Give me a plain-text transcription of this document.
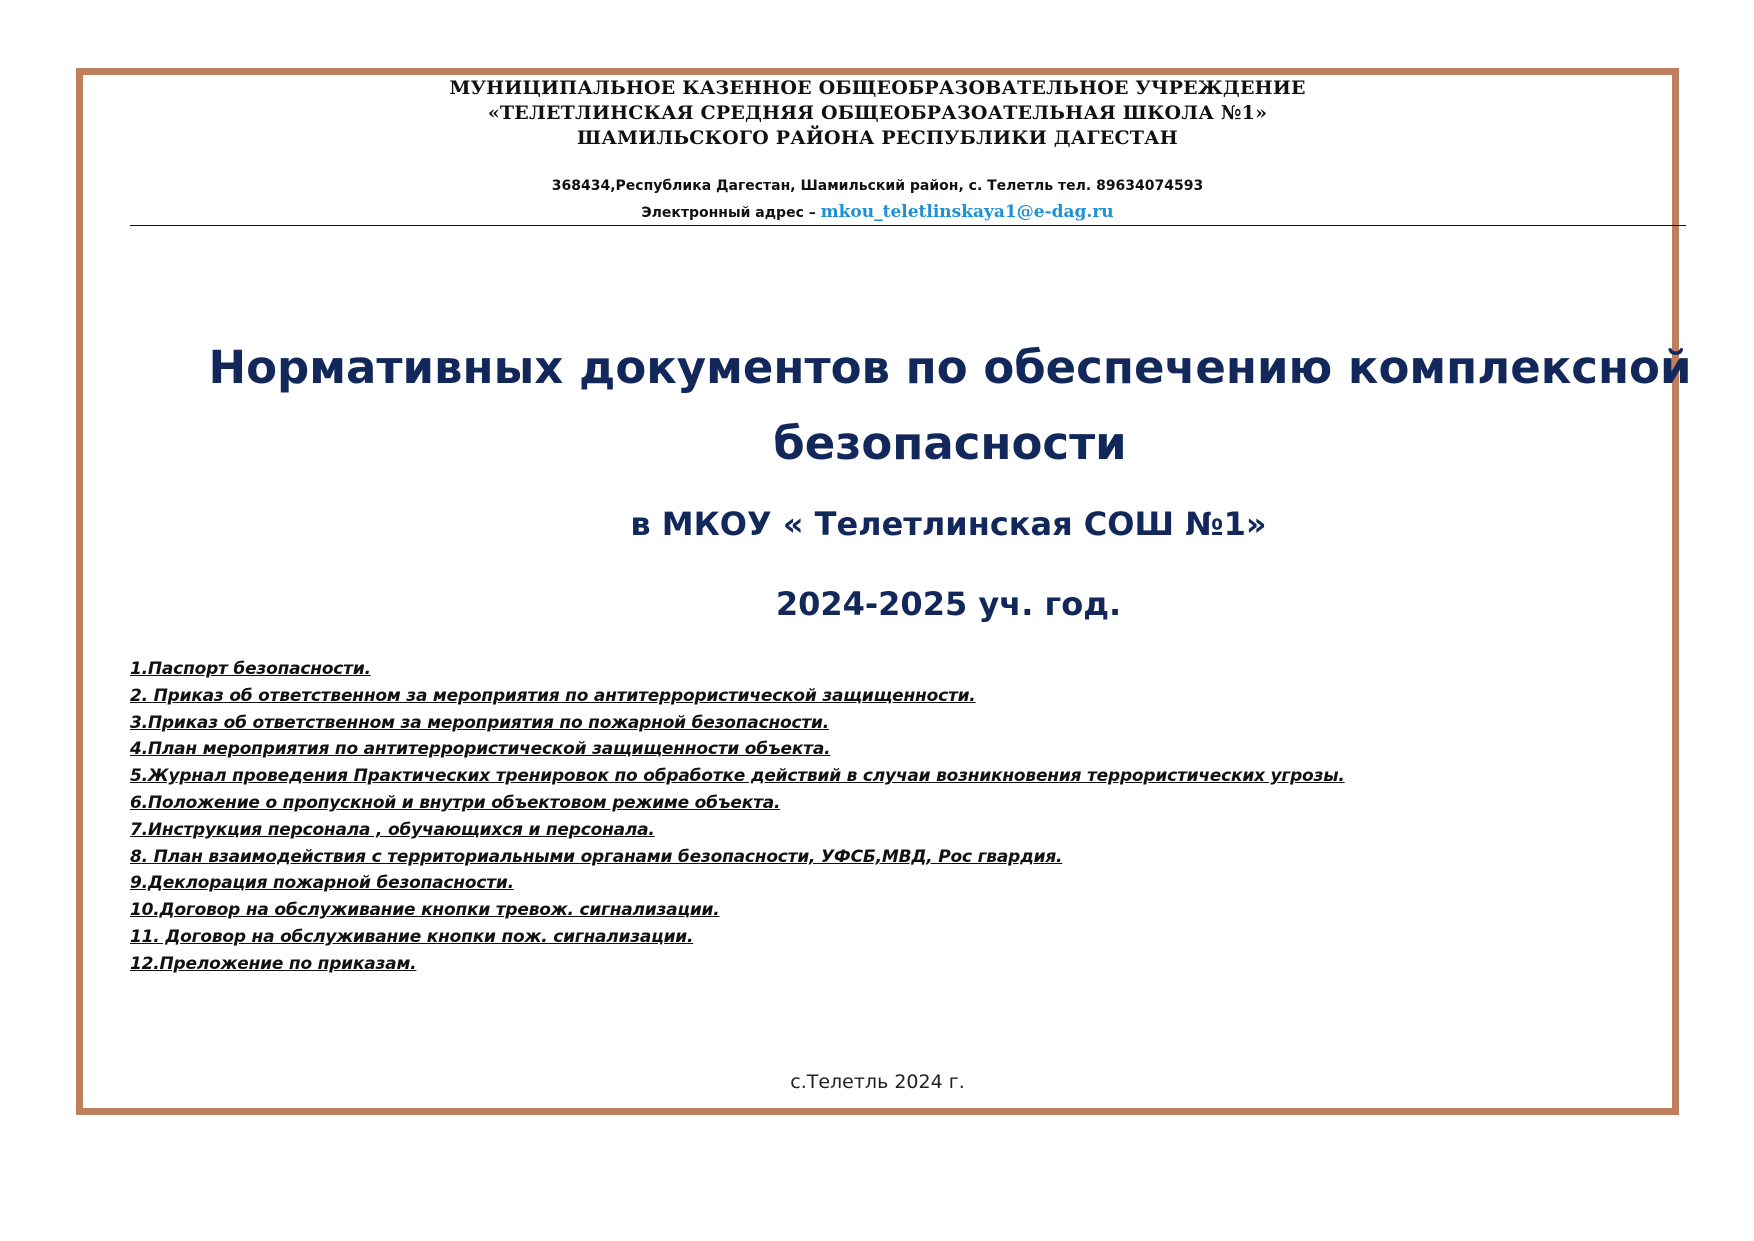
МУНИЦИПАЛЬНОЕ КАЗЕННОЕ ОБЩЕОБРАЗОВАТЕЛЬНОЕ УЧРЕЖДЕНИЕ

«ТЕЛЕТЛИНСКАЯ СРЕДНЯЯ ОБЩЕОБРАЗОАТЕЛЬНАЯ ШКОЛА №1»

ШАМИЛЬСКОГО РАЙОНА РЕСПУБЛИКИ ДАГЕСТАН

368434,Республика Дагестан, Шамильский район, с. Телетль тел. 89634074593

Электронный адрес – mkou_teletlinskaya1@e-dag.ru

Нормативных документов по обеспечению комплексной
безопасности
в МКОУ « Телетлинская СОШ №1»
2024-2025 уч. год.
1.Паспорт безопасности.
2. Приказ об ответственном за мероприятия по антитеррористической защищенности.
3.Приказ об ответственном за мероприятия по пожарной безопасности.
4.План мероприятия по антитеррористической защищенности объекта.
5.Журнал проведения Практических тренировок по обработке действий в случаи возникновения террористических угрозы.
6.Положение о пропускной и внутри объектовом режиме объекта.
7.Инструкция персонала , обучающихся и персонала.
8. План взаимодействия с территориальными органами безопасности, УФСБ,МВД, Рос гвардия.
9.Деклорация пожарной безопасности.
10.Договор на обслуживание кнопки тревож. сигнализации.
11. Договор на обслуживание кнопки пож. сигнализации.
12.Преложение по приказам.
с.Телетль 2024 г.
